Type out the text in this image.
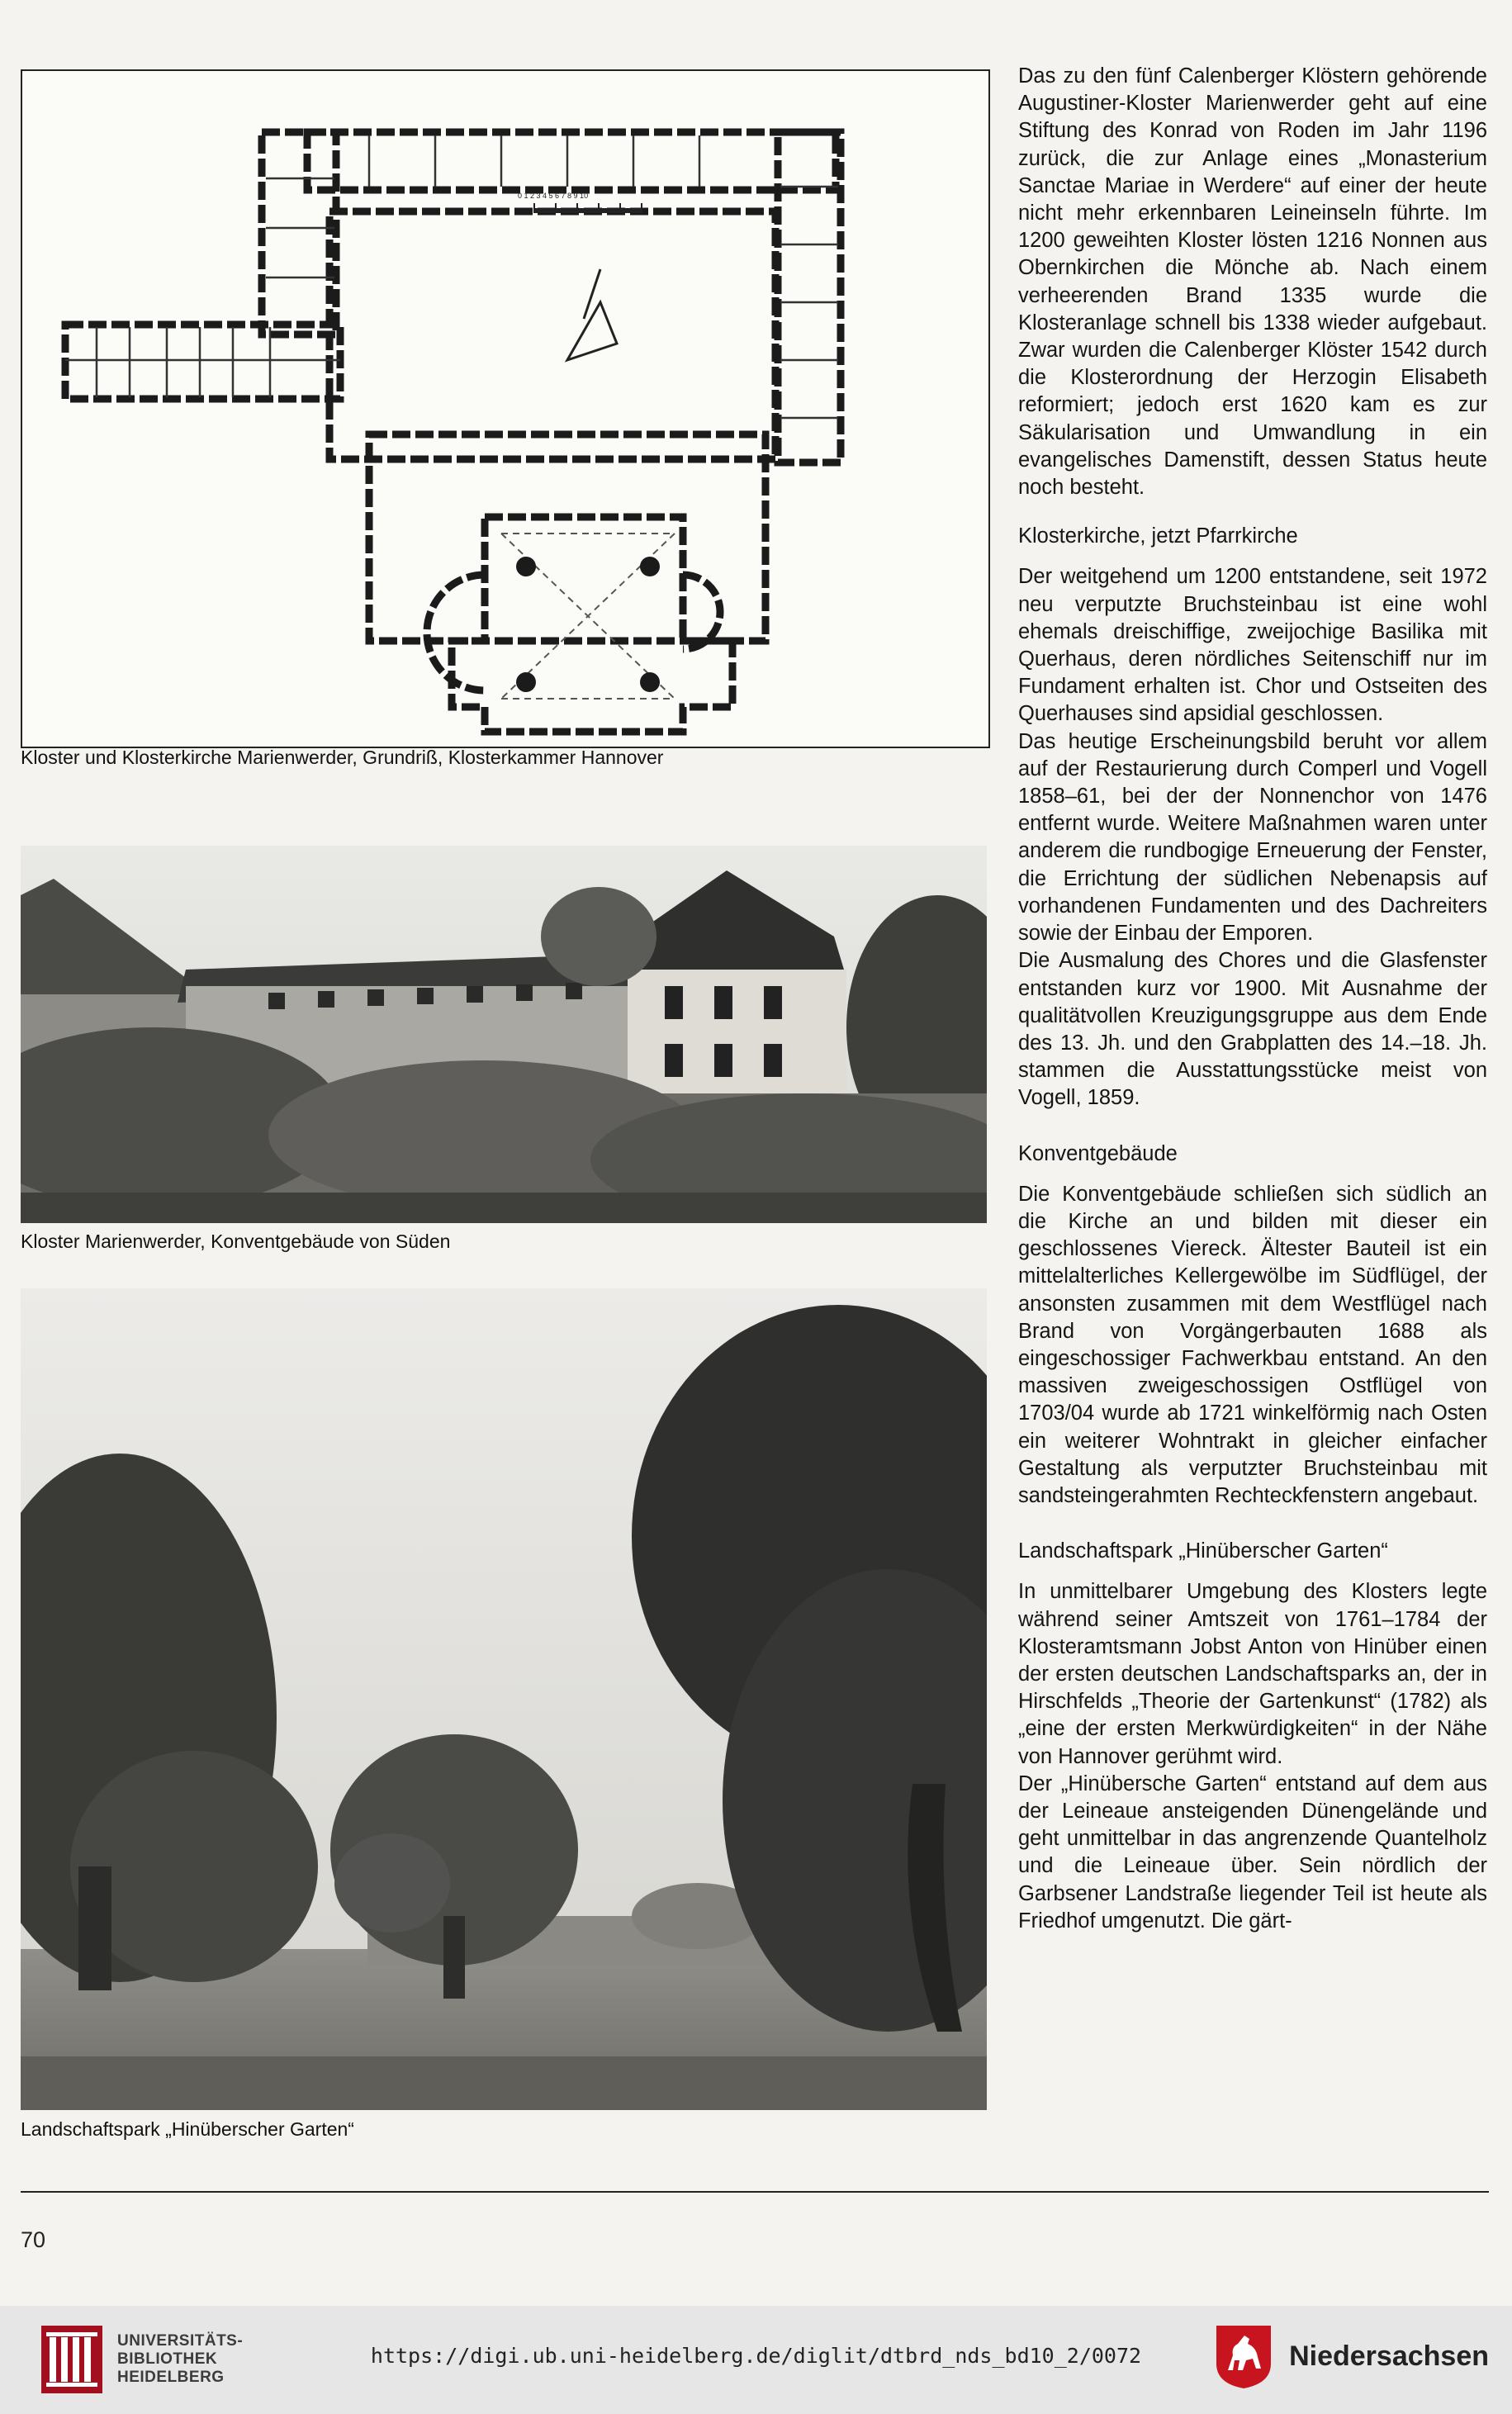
0 1 2 3 4 5 6 7 8 9 10
Kloster und Klosterkirche Marienwerder, Grundriß, Klosterkammer Hannover
Kloster Marienwerder, Konventgebäude von Süden
Landschaftspark „Hinüberscher Garten“

Das zu den fünf Calenberger Klöstern gehörende Augustiner-Kloster Marienwerder geht auf eine Stiftung des Konrad von Roden im Jahr 1196 zurück, die zur Anlage eines „Monasterium Sanctae Mariae in Werdere“ auf einer der heute nicht mehr erkennbaren Leineinseln führte. Im 1200 geweihten Kloster lösten 1216 Nonnen aus Obernkirchen die Mönche ab. Nach einem verheerenden Brand 1335 wurde die Klosteranlage schnell bis 1338 wieder aufgebaut. Zwar wurden die Calenberger Klöster 1542 durch die Klosterordnung der Herzogin Elisabeth reformiert; jedoch erst 1620 kam es zur Säkularisation und Umwandlung in ein evangelisches Damenstift, dessen Status heute noch besteht.

Klosterkirche, jetzt Pfarrkirche

Der weitgehend um 1200 entstandene, seit 1972 neu verputzte Bruchsteinbau ist eine wohl ehemals dreischiffige, zweijochige Basilika mit Querhaus, deren nördliches Seitenschiff nur im Fundament erhalten ist. Chor und Ostseiten des Querhauses sind apsidial geschlossen.

Das heutige Erscheinungsbild beruht vor allem auf der Restaurierung durch Comperl und Vogell 1858–61, bei der der Nonnenchor von 1476 entfernt wurde. Weitere Maßnahmen waren unter anderem die rundbogige Erneuerung der Fenster, die Errichtung der südlichen Nebenapsis auf vorhandenen Fundamenten und des Dachreiters sowie der Einbau der Emporen.

Die Ausmalung des Chores und die Glasfenster entstanden kurz vor 1900. Mit Ausnahme der qualitätvollen Kreuzigungsgruppe aus dem Ende des 13. Jh. und den Grabplatten des 14.–18. Jh. stammen die Ausstattungsstücke meist von Vogell, 1859.

Konventgebäude

Die Konventgebäude schließen sich südlich an die Kirche an und bilden mit dieser ein geschlossenes Viereck. Ältester Bauteil ist ein mittelalterliches Kellergewölbe im Südflügel, der ansonsten zusammen mit dem Westflügel nach Brand von Vorgängerbauten 1688 als eingeschossiger Fachwerkbau entstand. An den massiven zweigeschossigen Ostflügel von 1703/04 wurde ab 1721 winkelförmig nach Osten ein weiterer Wohntrakt in gleicher einfacher Gestaltung als verputzter Bruchsteinbau mit sandsteingerahmten Rechteckfenstern angebaut.

Landschaftspark „Hinüberscher Garten“

In unmittelbarer Umgebung des Klosters legte während seiner Amtszeit von 1761–1784 der Klosteramtsmann Jobst Anton von Hinüber einen der ersten deutschen Landschaftsparks an, der in Hirschfelds „Theorie der Gartenkunst“ (1782) als „eine der ersten Merkwürdigkeiten“ in der Nähe von Hannover gerühmt wird.

Der „Hinübersche Garten“ entstand auf dem aus der Leineaue ansteigenden Dünengelände und geht unmittelbar in das angrenzende Quantelholz und die Leineaue über. Sein nördlich der Garbsener Landstraße liegender Teil ist heute als Friedhof umgenutzt. Die gärt-

70
UNIVERSITÄTS-
BIBLIOTHEK
HEIDELBERG
https://digi.ub.uni-heidelberg.de/diglit/dtbrd_nds_bd10_2/0072	Niedersachsen
